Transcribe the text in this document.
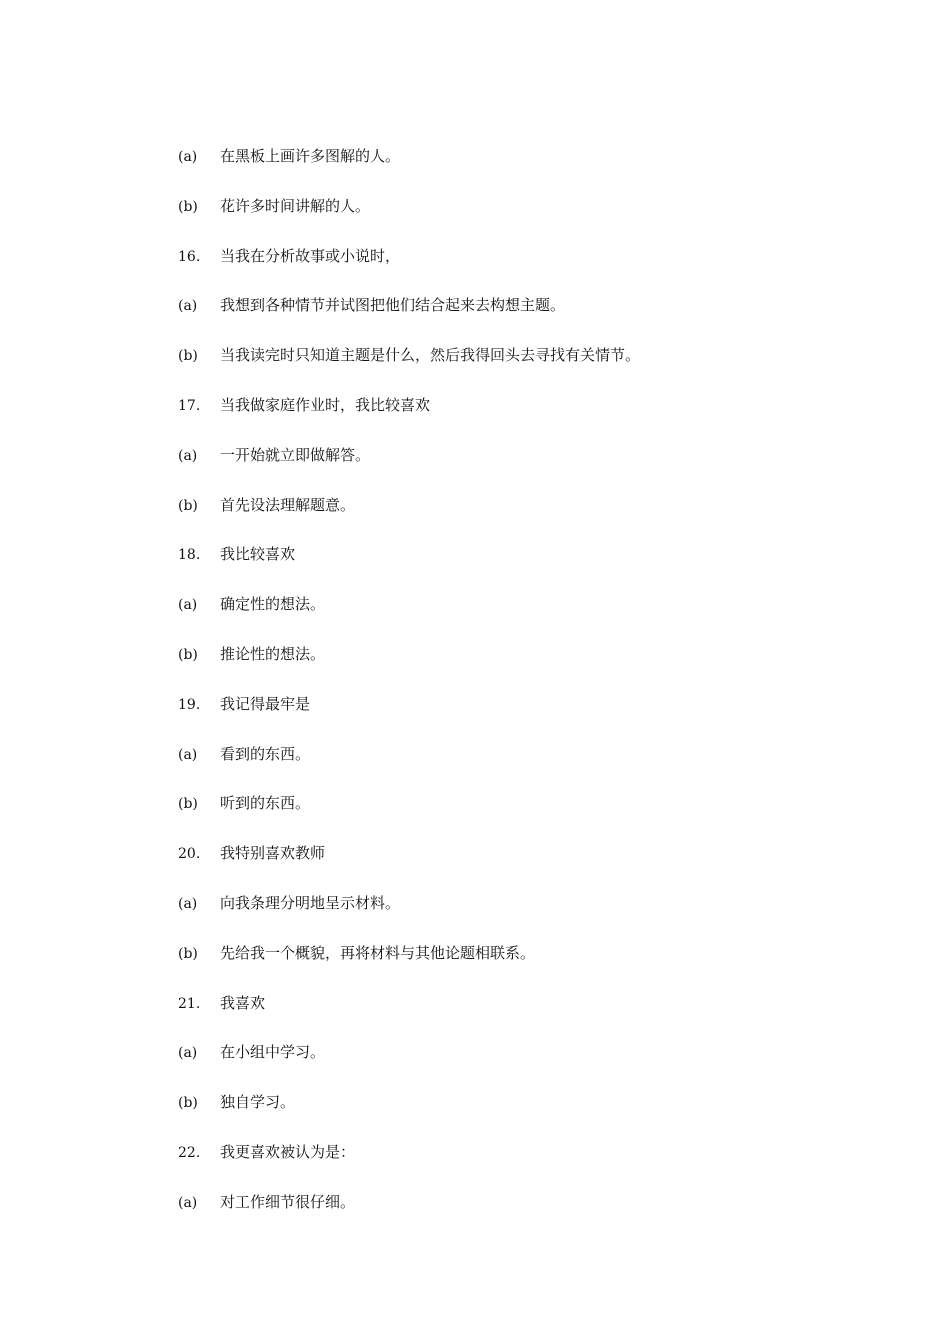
(a)	在黑板上画许多图解的人。
(b)	花许多时间讲解的人。
16.	当我在分析故事或小说时，
(a)	我想到各种情节并试图把他们结合起来去构想主题。
(b)	当我读完时只知道主题是什么，然后我得回头去寻找有关情节。
17.	当我做家庭作业时，我比较喜欢
(a)	一开始就立即做解答。
(b)	首先设法理解题意。
18.	我比较喜欢
(a)	确定性的想法。
(b)	推论性的想法。
19.	我记得最牢是
(a)	看到的东西。
(b)	听到的东西。
20.	我特别喜欢教师
(a)	向我条理分明地呈示材料。
(b)	先给我一个概貌，再将材料与其他论题相联系。
21.	我喜欢
(a)	在小组中学习。
(b)	独自学习。
22.	我更喜欢被认为是：
(a)	对工作细节很仔细。
